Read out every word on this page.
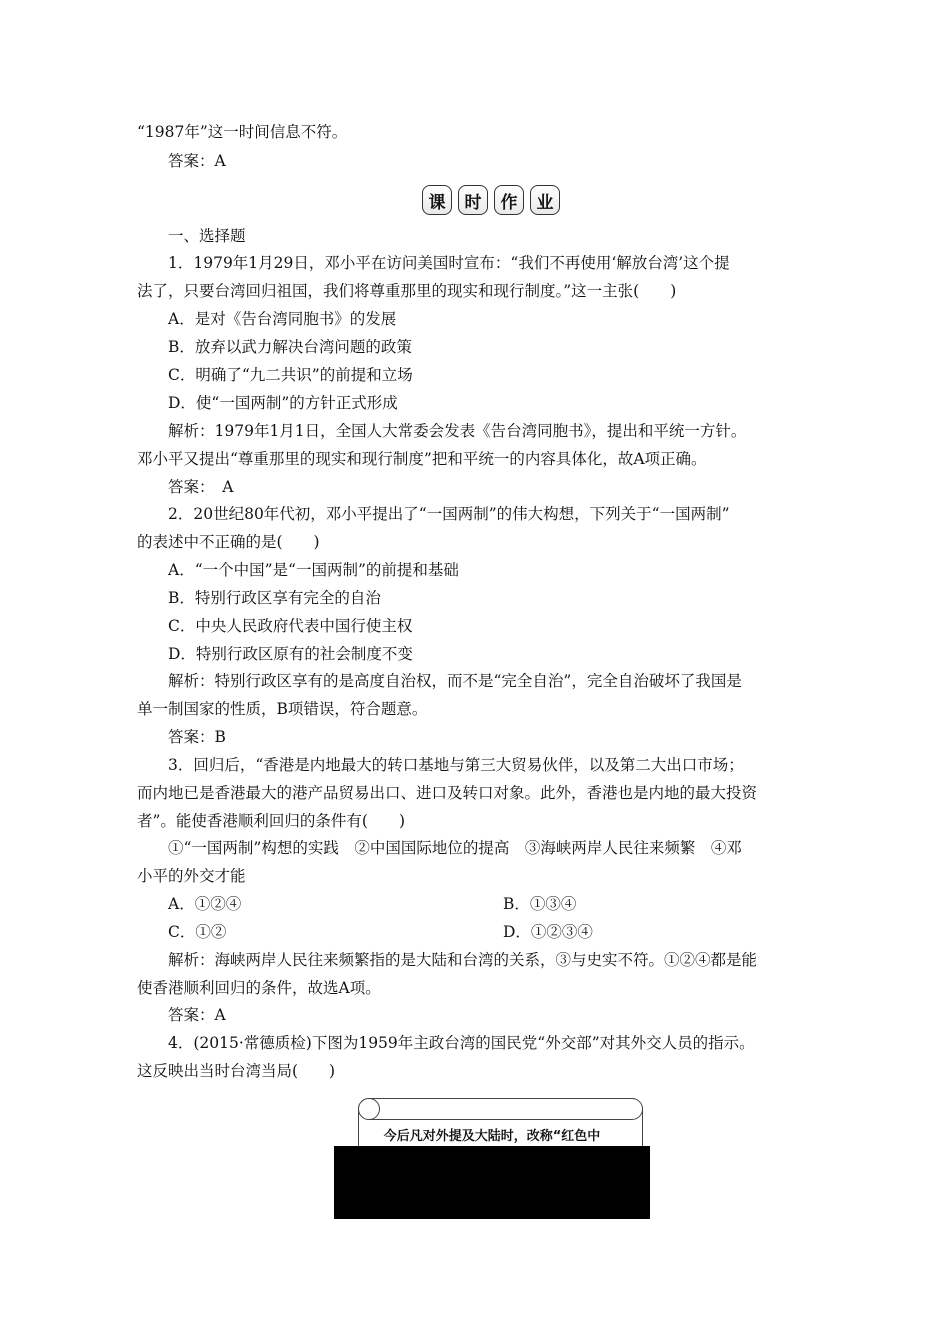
“1987年”这一时间信息不符。
答案：A
课	时	作	业
一、选择题
1．1979年1月29日，邓小平在访问美国时宣布：“我们不再使用‘解放台湾’这个提
法了，只要台湾回归祖国，我们将尊重那里的现实和现行制度。”这一主张(　　)
A．是对《告台湾同胞书》的发展
B．放弃以武力解决台湾问题的政策
C．明确了“九二共识”的前提和立场
D．使“一国两制”的方针正式形成
解析：1979年1月1日，全国人大常委会发表《告台湾同胞书》，提出和平统一方针。
邓小平又提出“尊重那里的现实和现行制度”把和平统一的内容具体化，故A项正确。
答案：　A
2．20世纪80年代初，邓小平提出了“一国两制”的伟大构想，下列关于“一国两制”
的表述中不正确的是(　　)
A．“一个中国”是“一国两制”的前提和基础
B．特别行政区享有完全的自治
C．中央人民政府代表中国行使主权
D．特别行政区原有的社会制度不变
解析：特别行政区享有的是高度自治权，而不是“完全自治”，完全自治破坏了我国是
单一制国家的性质，B项错误，符合题意。
答案：B
3．回归后，“香港是内地最大的转口基地与第三大贸易伙伴，以及第二大出口市场；
而内地已是香港最大的港产品贸易出口、进口及转口对象。此外，香港也是内地的最大投资
者”。能使香港顺利回归的条件有(　　)
①“一国两制”构想的实践　②中国国际地位的提高　③海峡两岸人民往来频繁　④邓
小平的外交才能
A．①②④	B．①③④
C．①②	D．①②③④
解析：海峡两岸人民往来频繁指的是大陆和台湾的关系，③与史实不符。①②④都是能
使香港顺利回归的条件，故选A项。
答案：A
4．(2015·常德质检)下图为1959年主政台湾的国民党“外交部”对其外交人员的指示。
这反映出当时台湾当局(　　)
今后凡对外提及大陆时，改称“红色中
